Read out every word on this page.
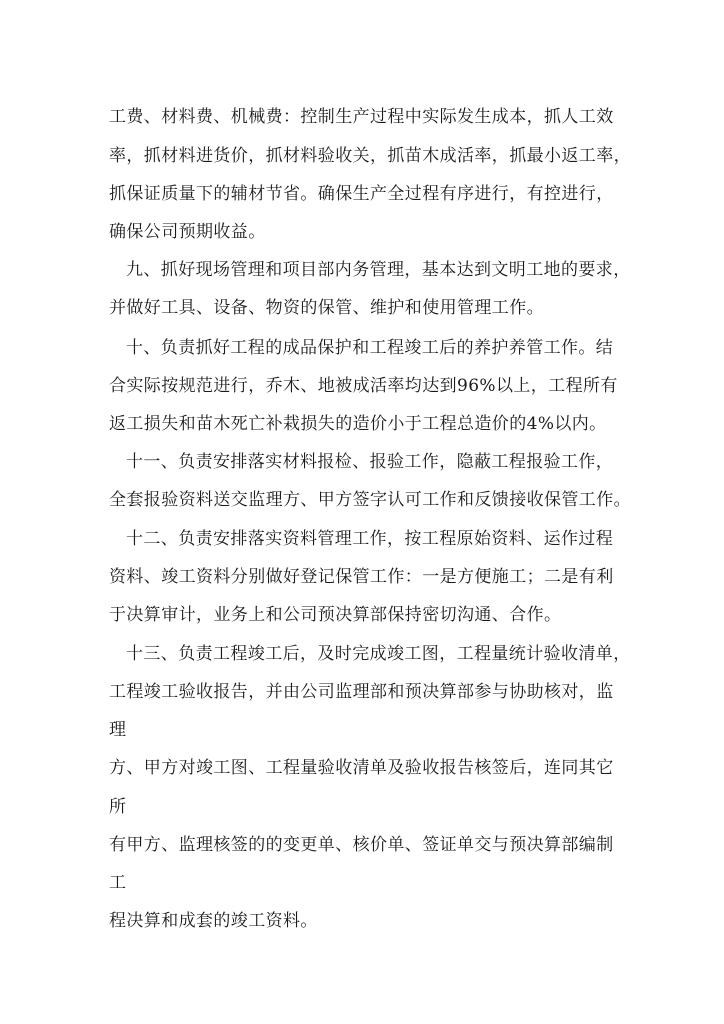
工费、材料费、机械费：控制生产过程中实际发生成本，抓人工效
率，抓材料进货价，抓材料验收关，抓苗木成活率，抓最小返工率，
抓保证质量下的辅材节省。确保生产全过程有序进行，有控进行，
确保公司预期收益。
九、抓好现场管理和项目部内务管理，基本达到文明工地的要求，
并做好工具、设备、物资的保管、维护和使用管理工作。
十、负责抓好工程的成品保护和工程竣工后的养护养管工作。结
合实际按规范进行，乔木、地被成活率均达到96%以上，工程所有
返工损失和苗木死亡补栽损失的造价小于工程总造价的4%以内。
十一、负责安排落实材料报检、报验工作，隐蔽工程报验工作，
全套报验资料送交监理方、甲方签字认可工作和反馈接收保管工作。
十二、负责安排落实资料管理工作，按工程原始资料、运作过程
资料、竣工资料分别做好登记保管工作：一是方便施工；二是有利
于决算审计，业务上和公司预决算部保持密切沟通、合作。
十三、负责工程竣工后，及时完成竣工图，工程量统计验收清单，
工程竣工验收报告，并由公司监理部和预决算部参与协助核对，监
理
方、甲方对竣工图、工程量验收清单及验收报告核签后，连同其它
所
有甲方、监理核签的的变更单、核价单、签证单交与预决算部编制
工
程决算和成套的竣工资料。
